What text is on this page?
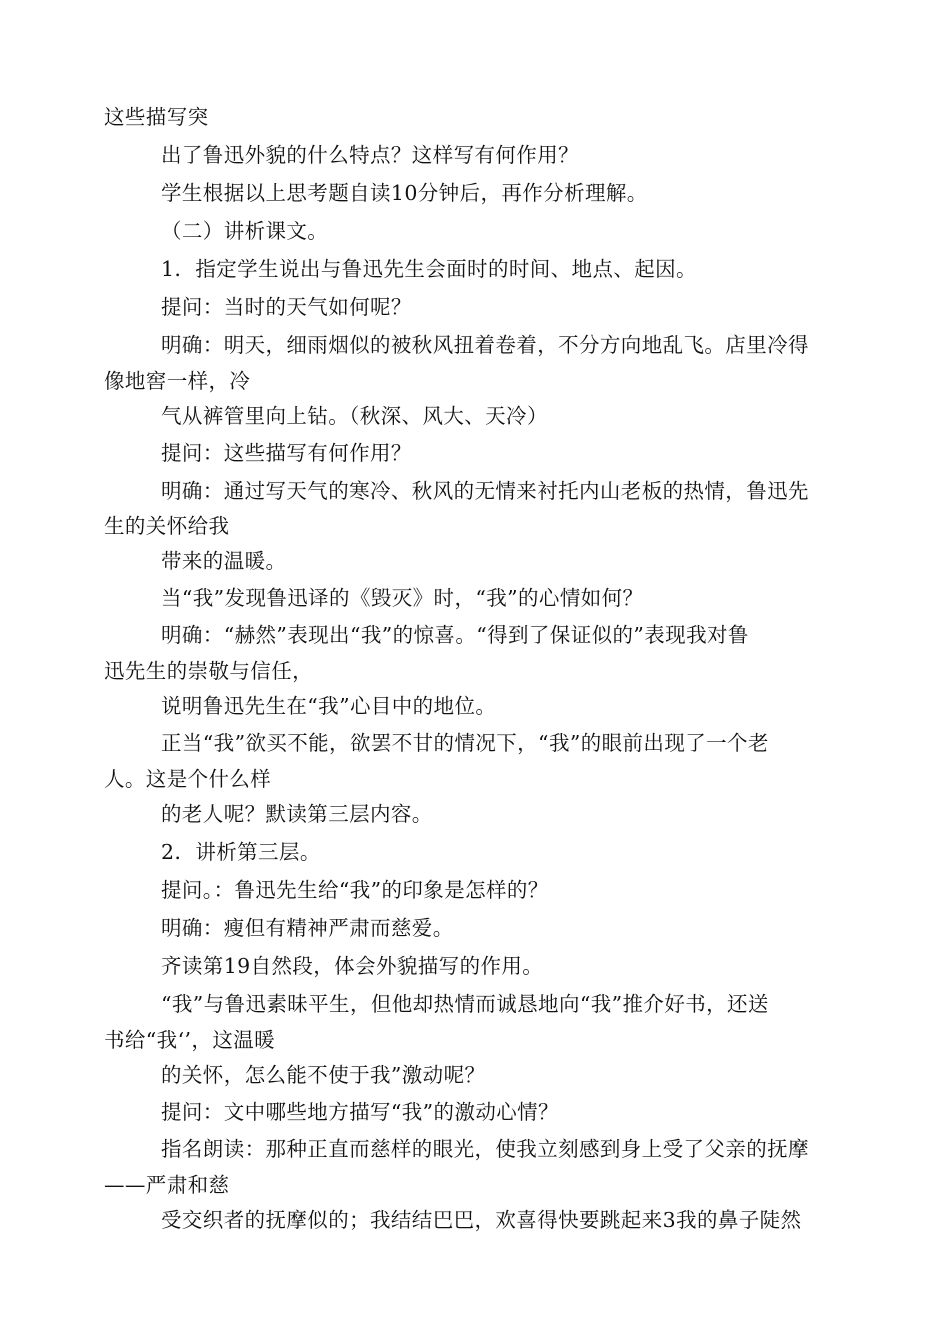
这些描写突
出了鲁迅外貌的什么特点？这样写有何作用？
学生根据以上思考题自读10分钟后，再作分析理解。
（二）讲析课文。
1．指定学生说出与鲁迅先生会面时的时间、地点、起因。
提问：当时的天气如何呢？
明确：明天，细雨烟似的被秋风扭着卷着，不分方向地乱飞。店里冷得
像地窖一样，冷
气从裤管里向上钻。（秋深、风大、天冷）
提问：这些描写有何作用？
明确：通过写天气的寒冷、秋风的无情来衬托内山老板的热情，鲁迅先
生的关怀给我
带来的温暖。
当“我”发现鲁迅译的《毁灭》时，“我”的心情如何？
明确：“赫然”表现出“我”的惊喜。“得到了保证似的”表现我对鲁
迅先生的崇敬与信任，
说明鲁迅先生在“我”心目中的地位。
正当“我”欲买不能，欲罢不甘的情况下，“我”的眼前出现了一个老
人。这是个什么样
的老人呢？默读第三层内容。
2．讲析第三层。
提问。：鲁迅先生给“我”的印象是怎样的？
明确：瘦但有精神严肃而慈爱。
齐读第19自然段，体会外貌描写的作用。
“我”与鲁迅素昧平生，但他却热情而诚恳地向“我”推介好书，还送
书给“我‘’，这温暖
的关怀，怎么能不使于我”激动呢？
提问：文中哪些地方描写“我”的激动心情？
指名朗读：那种正直而慈样的眼光，使我立刻感到身上受了父亲的抚摩
——严肃和慈
受交织者的抚摩似的；我结结巴巴，欢喜得快要跳起来3我的鼻子陡然
